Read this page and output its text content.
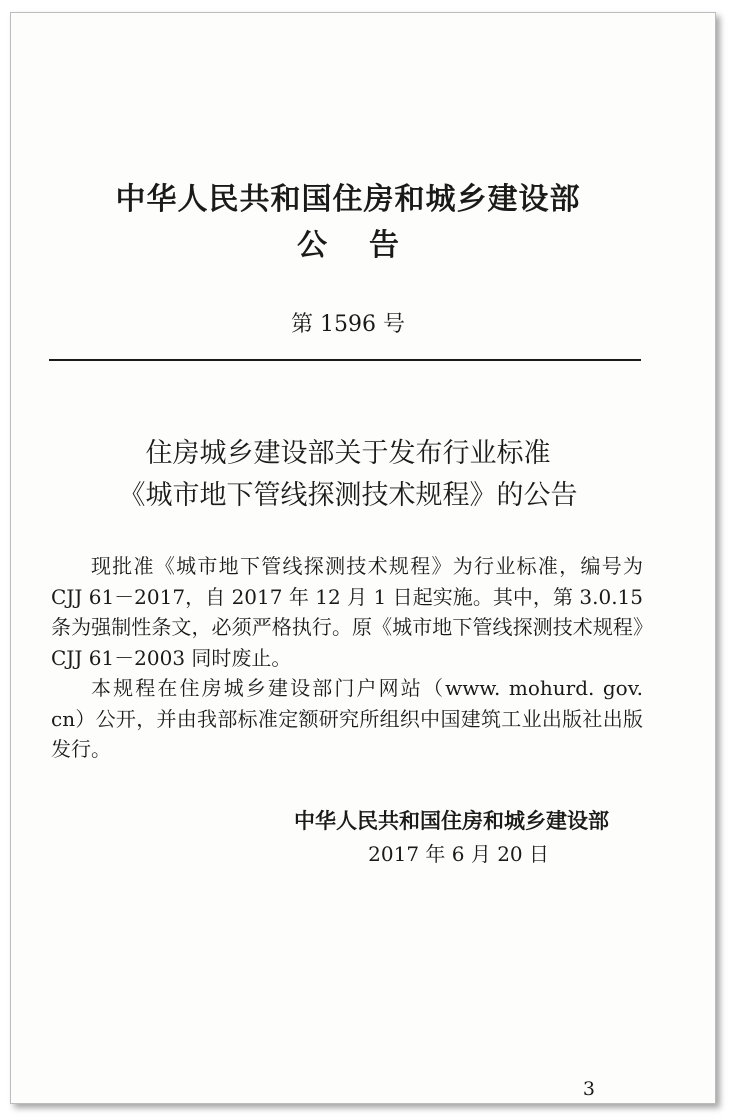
中华人民共和国住房和城乡建设部
公告
第 1596 号
住房城乡建设部关于发布行业标准
《城市地下管线探测技术规程》的公告

现批准《城市地下管线探测技术规程》为行业标准，编号为 CJJ 61－2017，自 2017 年 12 月 1 日起实施。其中，第 3.0.15 条为强制性条文，必须严格执行。原《城市地下管线探测技术规程》CJJ 61－2003 同时废止。

本规程在住房城乡建设部门户网站（www. mohurd. gov. cn）公开，并由我部标准定额研究所组织中国建筑工业出版社出版发行。

中华人民共和国住房和城乡建设部
2017 年 6 月 20 日
3
